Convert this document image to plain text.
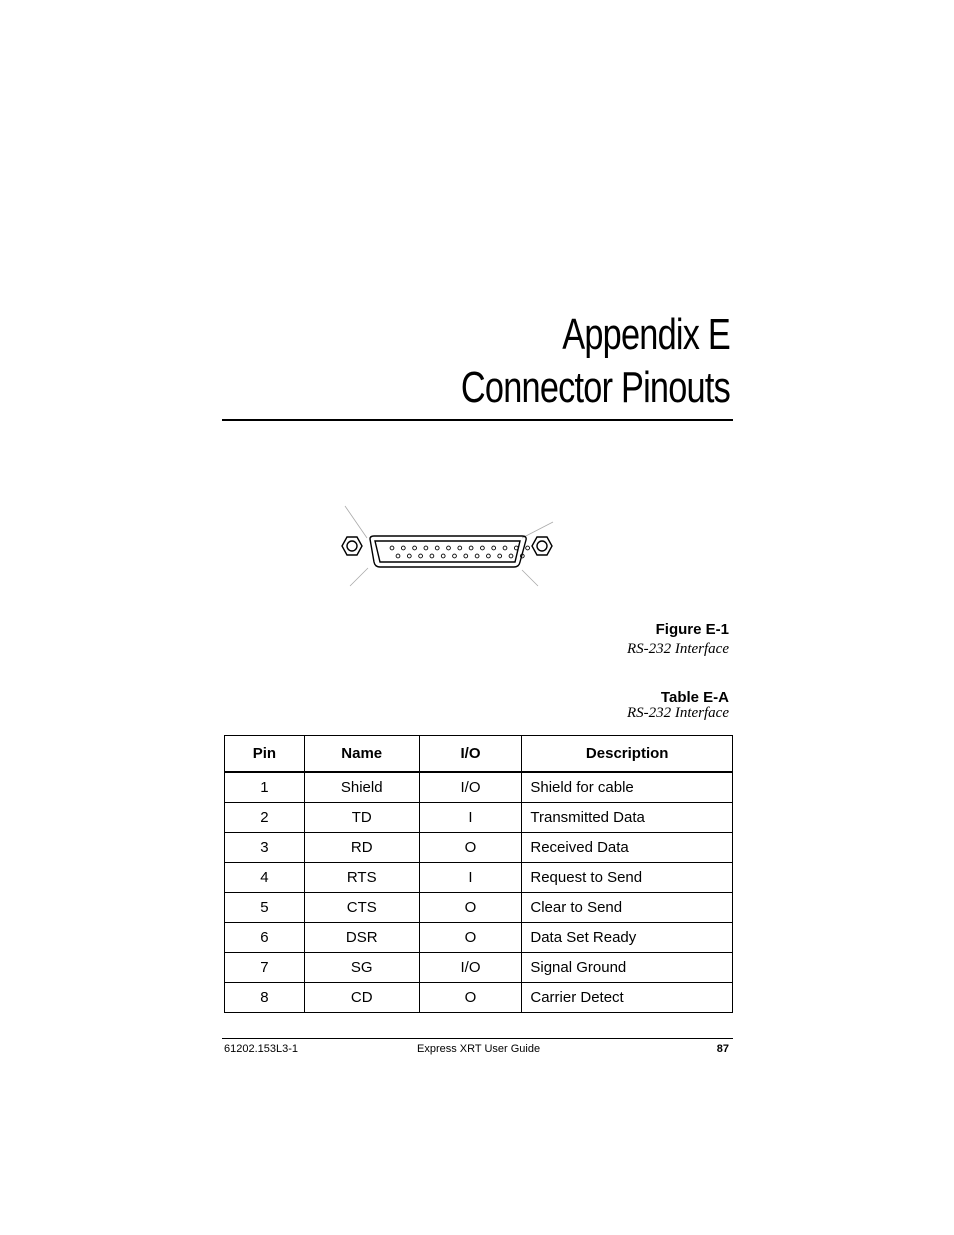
Appendix E
Connector Pinouts
Figure E-1
RS-232 Interface
Table E-A
RS-232 Interface
Pin	Name	I/O	Description
1	Shield	I/O	Shield for cable
2	TD	I	Transmitted Data
3	RD	O	Received Data
4	RTS	I	Request to Send
5	CTS	O	Clear to Send
6	DSR	O	Data Set Ready
7	SG	I/O	Signal Ground
8	CD	O	Carrier Detect
61202.153L3-1	Express XRT User Guide	87
